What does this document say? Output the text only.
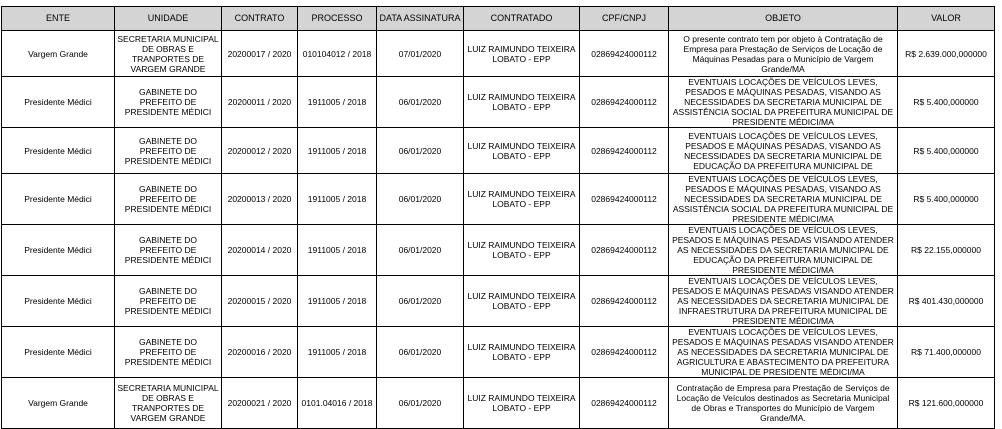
ENTE	UNIDADE	CONTRATO	PROCESSO	DATA ASSINATURA	CONTRATADO	CPF/CNPJ	OBJETO	VALOR
Vargem Grande	SECRETARIA MUNICIPAL DE OBRAS E TRANPORTES DE VARGEM GRANDE	20200017 / 2020	010104012 / 2018	07/01/2020	LUIZ RAIMUNDO TEIXEIRA LOBATO - EPP	02869424000112	O presente contrato tem por objeto à Contratação de Empresa para Prestação de Serviços de Locação de Máquinas Pesadas para o Município de Vargem Grande/MA	R$ 2.639.000,000000
Presidente Médici	GABINETE DO PREFEITO DE PRESIDENTE MÉDICI	20200011 / 2020	1911005 / 2018	06/01/2020	LUIZ RAIMUNDO TEIXEIRA LOBATO - EPP	02869424000112	EVENTUAIS LOCAÇÕES DE VEÍCULOS LEVES, PESADOS E MÁQUINAS PESADAS, VISANDO AS NECESSIDADES DA SECRETARIA MUNICIPAL DE ASSISTÊNCIA SOCIAL DA PREFEITURA MUNICIPAL DE PRESIDENTE MÉDICI/MA	R$ 5.400,000000
Presidente Médici	GABINETE DO PREFEITO DE PRESIDENTE MÉDICI	20200012 / 2020	1911005 / 2018	06/01/2020	LUIZ RAIMUNDO TEIXEIRA LOBATO - EPP	02869424000112	EVENTUAIS LOCAÇÕES DE VEÍCULOS LEVES, PESADOS E MÁQUINAS PESADAS, VISANDO AS NECESSIDADES DA SECRETARIA MUNICIPAL DE EDUCAÇÃO DA PREFEITURA MUNICIPAL DE	R$ 5.400,000000
Presidente Médici	GABINETE DO PREFEITO DE PRESIDENTE MÉDICI	20200013 / 2020	1911005 / 2018	06/01/2020	LUIZ RAIMUNDO TEIXEIRA LOBATO - EPP	02869424000112	EVENTUAIS LOCAÇÕES DE VEÍCULOS LEVES, PESADOS E MÁQUINAS PESADAS, VISANDO AS NECESSIDADES DA SECRETARIA MUNICIPAL DE ASSISTÊNCIA SOCIAL DA PREFEITURA MUNICIPAL DE PRESIDENTE MÉDICI/MA	R$ 5.400,000000
Presidente Médici	GABINETE DO PREFEITO DE PRESIDENTE MÉDICI	20200014 / 2020	1911005 / 2018	06/01/2020	LUIZ RAIMUNDO TEIXEIRA LOBATO - EPP	02869424000112	EVENTUAIS LOCAÇÕES DE VEÍCULOS LEVES, PESADOS E MÁQUINAS PESADAS VISANDO ATENDER AS NECESSIDADES DA SECRETARIA MUNICIPAL DE EDUCAÇÃO DA PREFEITURA MUNICIPAL DE PRESIDENTE MÉDICI/MA	R$ 22.155,000000
Presidente Médici	GABINETE DO PREFEITO DE PRESIDENTE MÉDICI	20200015 / 2020	1911005 / 2018	06/01/2020	LUIZ RAIMUNDO TEIXEIRA LOBATO - EPP	02869424000112	EVENTUAIS LOCAÇÕES DE VEÍCULOS LEVES, PESADOS E MÁQUINAS PESADAS VISANDO ATENDER AS NECESSIDADES DA SECRETARIA MUNICIPAL DE INFRAESTRUTURA DA PREFEITURA MUNICIPAL DE PRESIDENTE MÉDICI/MA	R$ 401.430,000000
Presidente Médici	GABINETE DO PREFEITO DE PRESIDENTE MÉDICI	20200016 / 2020	1911005 / 2018	06/01/2020	LUIZ RAIMUNDO TEIXEIRA LOBATO - EPP	02869424000112	EVENTUAIS LOCAÇÕES DE VEÍCULOS LEVES, PESADOS E MÁQUINAS PESADAS VISANDO ATENDER AS NECESSIDADES DA SECRETARIA MUNICIPAL DE AGRICULTURA E ABASTECIMENTO DA PREFEITURA MUNICIPAL DE PRESIDENTE MÉDICI/MA	R$ 71.400,000000
Vargem Grande	SECRETARIA MUNICIPAL DE OBRAS E TRANPORTES DE VARGEM GRANDE	20200021 / 2020	0101.04016 / 2018	06/01/2020	LUIZ RAIMUNDO TEIXEIRA LOBATO - EPP	02869424000112	Contratação de Empresa para Prestação de Serviços de Locação de Veículos destinados as Secretaria Municipal de Obras e Transportes do Município de Vargem Grande/MA.	R$ 121.600,000000
